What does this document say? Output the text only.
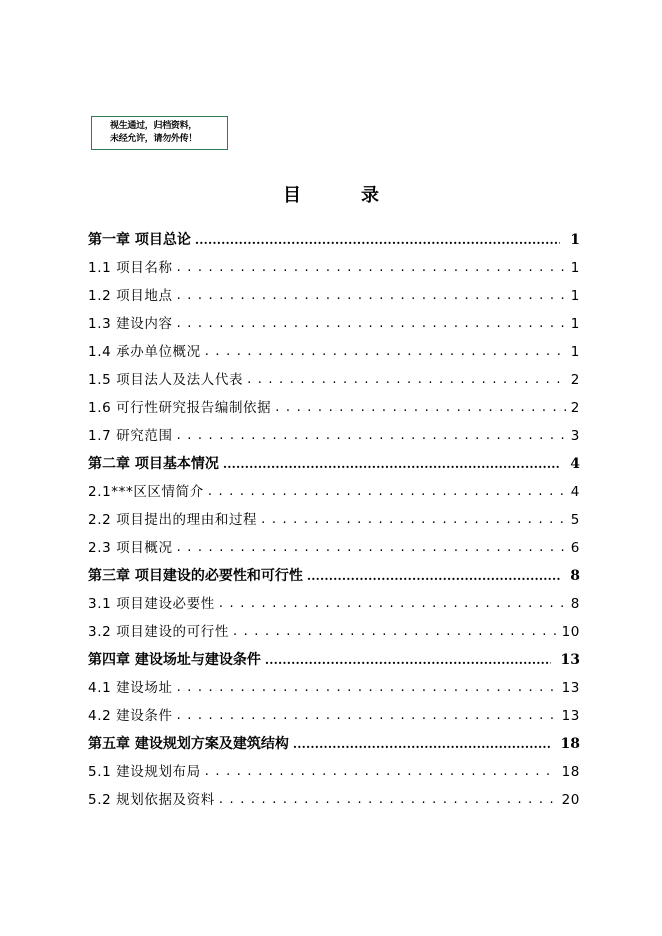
视生通过，归档资料，
未经允许，请勿外传！
目	录
第一章 项目总论 .....	1
1.1 项目名称 . . .	1
1.2 项目地点 . . .	1
1.3 建设内容 . . .	1
1.4 承办单位概况 . . .	1
1.5 项目法人及法人代表 . . .	2
1.6 可行性研究报告编制依据 . . .	2
1.7 研究范围 . . .	3
第二章 项目基本情况 .....	4
2.1***区区情简介 . . .	4
2.2 项目提出的理由和过程 . . .	5
2.3 项目概况 . . .	6
第三章 项目建设的必要性和可行性 .....	8
3.1 项目建设必要性 . . .	8
3.2 项目建设的可行性 . . .	10
第四章 建设场址与建设条件 .....	13
4.1 建设场址 . . .	13
4.2 建设条件 . . .	13
第五章 建设规划方案及建筑结构 .....	18
5.1 建设规划布局 . . .	18
5.2 规划依据及资料 . . .	20
